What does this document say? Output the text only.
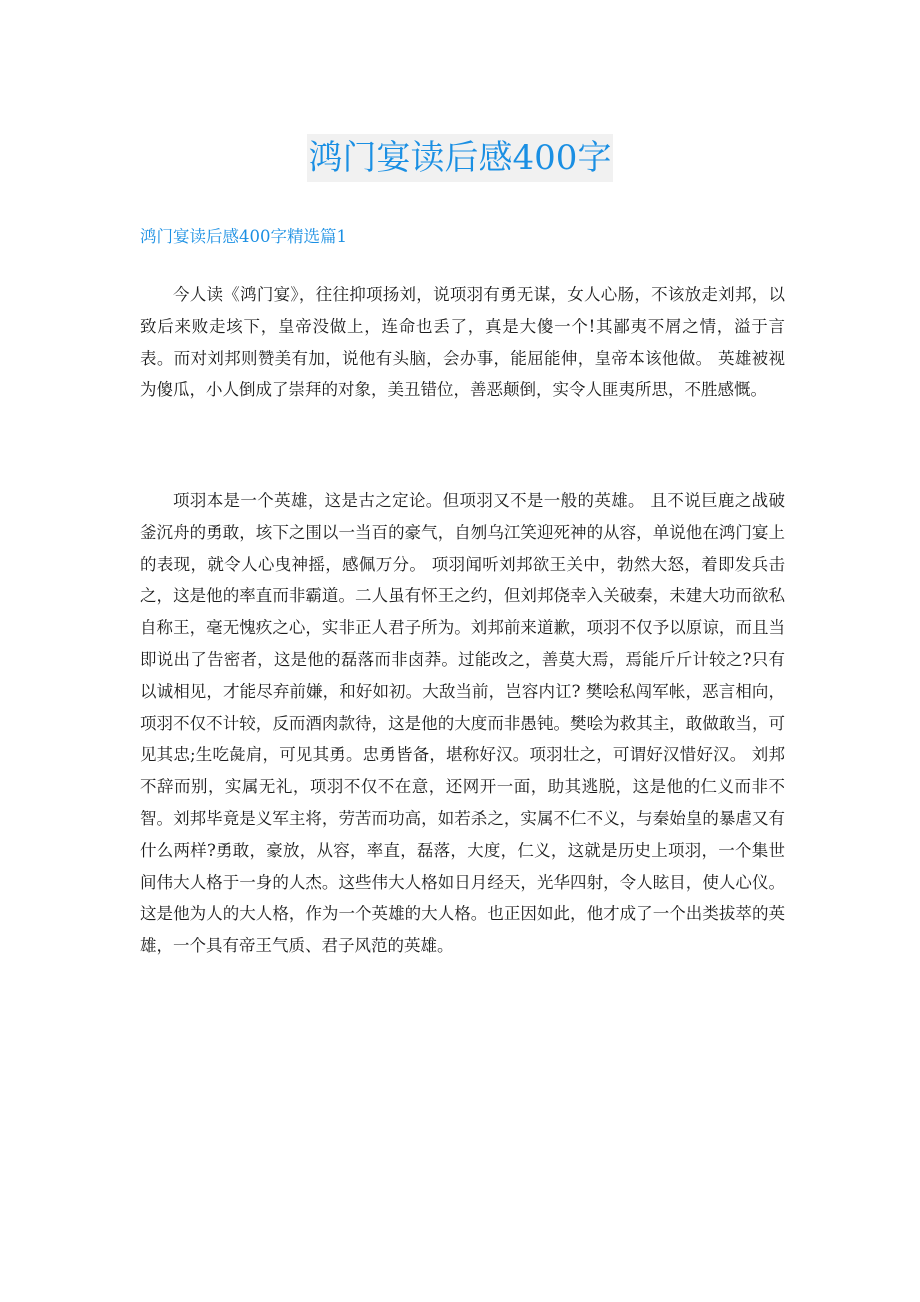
鸿门宴读后感400字
鸿门宴读后感400字精选篇1

今人读《鸿门宴》，往往抑项扬刘，说项羽有勇无谋，女人心肠，不该放走刘邦，以致后来败走垓下，皇帝没做上，连命也丢了，真是大傻一个!其鄙夷不屑之情，溢于言表。而对刘邦则赞美有加，说他有头脑，会办事，能屈能伸，皇帝本该他做。 英雄被视为傻瓜，小人倒成了崇拜的对象，美丑错位，善恶颠倒，实令人匪夷所思，不胜感慨。

项羽本是一个英雄，这是古之定论。但项羽又不是一般的英雄。 且不说巨鹿之战破釜沉舟的勇敢，垓下之围以一当百的豪气，自刎乌江笑迎死神的从容，单说他在鸿门宴上的表现，就令人心曳神摇，感佩万分。 项羽闻听刘邦欲王关中，勃然大怒，着即发兵击之，这是他的率直而非霸道。二人虽有怀王之约，但刘邦侥幸入关破秦，未建大功而欲私自称王，毫无愧疚之心，实非正人君子所为。刘邦前来道歉，项羽不仅予以原谅，而且当即说出了告密者，这是他的磊落而非卤莽。过能改之，善莫大焉，焉能斤斤计较之?只有以诚相见，才能尽弃前嫌，和好如初。大敌当前，岂容内讧? 樊哙私闯军帐，恶言相向，项羽不仅不计较，反而酒肉款待，这是他的大度而非愚钝。樊哙为救其主，敢做敢当，可见其忠;生吃彘肩，可见其勇。忠勇皆备，堪称好汉。项羽壮之，可谓好汉惜好汉。 刘邦不辞而别，实属无礼，项羽不仅不在意，还网开一面，助其逃脱，这是他的仁义而非不智。刘邦毕竟是义军主将，劳苦而功高，如若杀之，实属不仁不义，与秦始皇的暴虐又有什么两样?勇敢，豪放，从容，率直，磊落，大度，仁义，这就是历史上项羽，一个集世间伟大人格于一身的人杰。这些伟大人格如日月经天，光华四射，令人眩目，使人心仪。这是他为人的大人格，作为一个英雄的大人格。也正因如此，他才成了一个出类拔萃的英雄，一个具有帝王气质、君子风范的英雄。
